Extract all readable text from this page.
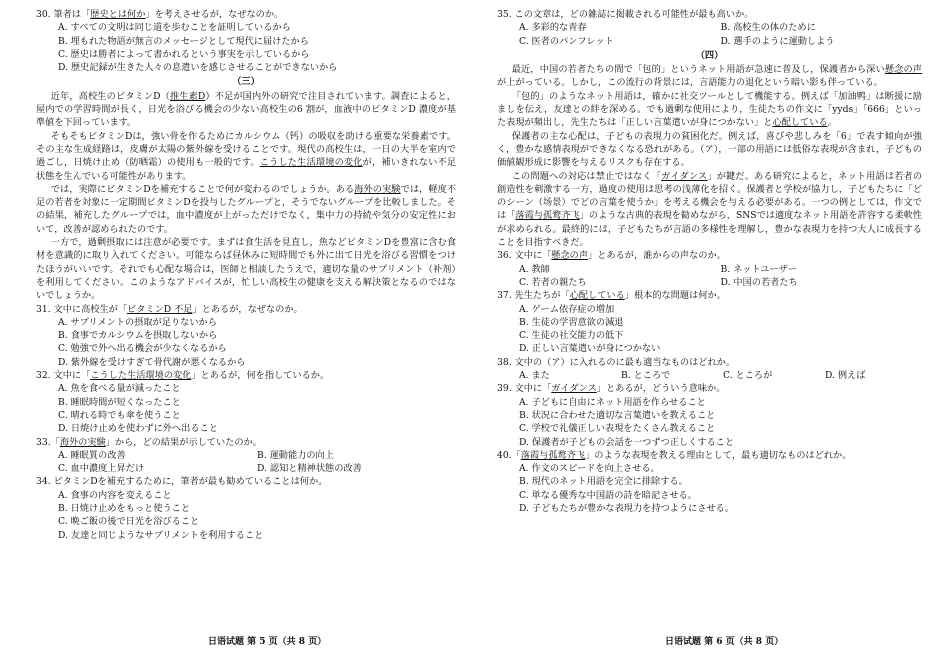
30. 筆者は「歴史とは何か」を考えさせるが，なぜなのか。

A. すべての文明は同じ道を歩むことを証明しているから

B. 埋もれた物語が無言のメッセージとして現代に届けたから

C. 歴史は勝者によって書かれるという事実を示しているから

D. 歴史記録が生きた人々の息遣いを感じさせることができないから

（三）

近年，高校生のビタミンD（推生素D）不足が国内外の研究で注目されています。調査によると，屋内での学習時間が長く，日光を浴びる機会の少ない高校生の6 割が，血液中のビタミンD 濃度が基準値を下回っています。

そもそもビタミンDは，強い骨を作るためにカルシウム（钙）の吸収を助ける重要な栄養素です。その主な生成経路は，皮膚が太陽の紫外線を受けることです。現代の高校生は，一日の大半を室内で過ごし，日焼け止め（防晒霜）の使用も一般的です。こうした生活環境の変化が，補いきれない不足状態を生んでいる可能性があります。

では，実際にビタミンDを補充することで何が変わるのでしょうか。ある海外の実験では，軽度不足の若者を対象に一定期間ビタミンDを投与したグループと，そうでないグループを比較しました。その結果，補充したグループでは，血中濃度が上がっただけでなく，集中力の持続や気分の安定性において，改善が認められたのです。

一方で，過剰摂取には注意が必要です。まずは食生活を見直し，魚などビタミンDを豊富に含む食材を意識的に取り入れてください。可能ならば昼休みに短時間でも外に出て日光を浴びる習慣をつけたほうがいいです。それでも心配な場合は，医師と相談したうえで，適切な量のサプリメント（补剂）を利用してください。このようなアドバイスが，忙しい高校生の健康を支える解決策となるのではないでしょうか。

31. 文中に高校生が「ビタミンD 不足」とあるが，なぜなのか。

A. サプリメントの摂取が足りないから

B. 食事でカルシウムを摂取しないから

C. 勉強で外へ出る機会が少なくなるから

D. 紫外線を受けすぎて骨代謝が悪くなるから

32. 文中に「こうした生活環境の変化」とあるが，何を指しているか。

A. 魚を食べる量が減ったこと

B. 睡眠時間が短くなったこと

C. 晴れる時でも傘を使うこと

D. 日焼け止めを使わずに外へ出ること

33.「海外の実験」から，どの結果が示していたのか。

A. 睡眠質の改善	B. 運動能力の向上
C. 血中濃度上昇だけ	D. 認知と精神状態の改善

34. ビタミンDを補充するために，筆者が最も勧めていることは何か。

A. 食事の内容を変えること

B. 日焼け止めをもっと使うこと

C. 晩ご飯の後で日光を浴びること

D. 友達と同じようなサプリメントを利用すること

35. この文章は，どの雑誌に掲載される可能性が最も高いか。

A. 多彩的な青春	B. 高校生の体のために
C. 医者のパンフレット	D. 選手のように運動しよう

（四）

最近，中国の若者たちの間で「包的」というネット用語が急速に普及し，保護者から深い懸念の声が上がっている。しかし，この流行の背景には，言語能力の退化という暗い影も伴っている。

「包的」のようなネット用語は，確かに社交ツールとして機能する。例えば「加油鸭」は断援に励ましを伝え，友達との絆を深める。でも過剰な使用により，生徒たちの作文に「yyds」「666」といった表現が頻出し，先生たちは「正しい言葉遣いが身につかない」と心配している。

保護者の主な心配は，子どもの表現力の貧困化だ。例えば，喜びや悲しみを「6」で表す傾向が強く，豊かな感情表現ができなくなる恐れがある。（ア），一部の用語には低俗な表現が含まれ，子どもの価値観形成に影響を与えるリスクも存在する。

この問題への対応は禁止ではなく「ガイダンス」が鍵だ。ある研究によると，ネット用語は若者の創造性を刺激する一方，過度の使用は思考の浅薄化を招く。保護者と学校が協力し，子どもたちに「どのシーン（场景）でどの言葉を使うか」を考える機会を与える必要がある。一つの例としては，作文では「落霞与孤鹜齐飞」のような古典的表現を勧めながら，SNSでは適度なネット用語を許容する柔軟性が求められる。最終的には，子どもたちが言語の多様性を理解し，豊かな表現力を持つ大人に成長することを目指すべきだ。

36. 文中に「懸念の声」とあるが，誰からの声なのか。

A. 教師	B. ネットユーザー
C. 若者の親たち	D. 中国の若者たち

37. 先生たちが「心配している」根本的な問題は何か。

A. ゲーム依存症の増加

B. 生徒の学習意欲の減退

C. 生徒の社交能力の低下

D. 正しい言葉遣いが身につかない

38. 文中の（ア）に入れるのに最も適当なものはどれか。

A. また	B. ところで	C. ところが	D. 例えば

39. 文中に「ガイダンス」とあるが，どういう意味か。

A. 子どもに自由にネット用語を作らせること

B. 状況に合わせた適切な言葉遣いを教えること

C. 学校で礼儀正しい表現をたくさん教えること

D. 保護者が子どもの会話を一つずつ正しくすること

40.「落霞与孤鹜齐飞」のような表現を教える理由として，最も適切なものはどれか。

A. 作文のスピードを向上させる。

B. 現代のネット用語を完全に排除する。

C. 単なる優秀な中国語の詩を暗記させる。

D. 子どもたちが豊かな表現力を持つようにさせる。

日语试题 第 5 页（共 8 页）	日语试题 第 6 页（共 8 页）
